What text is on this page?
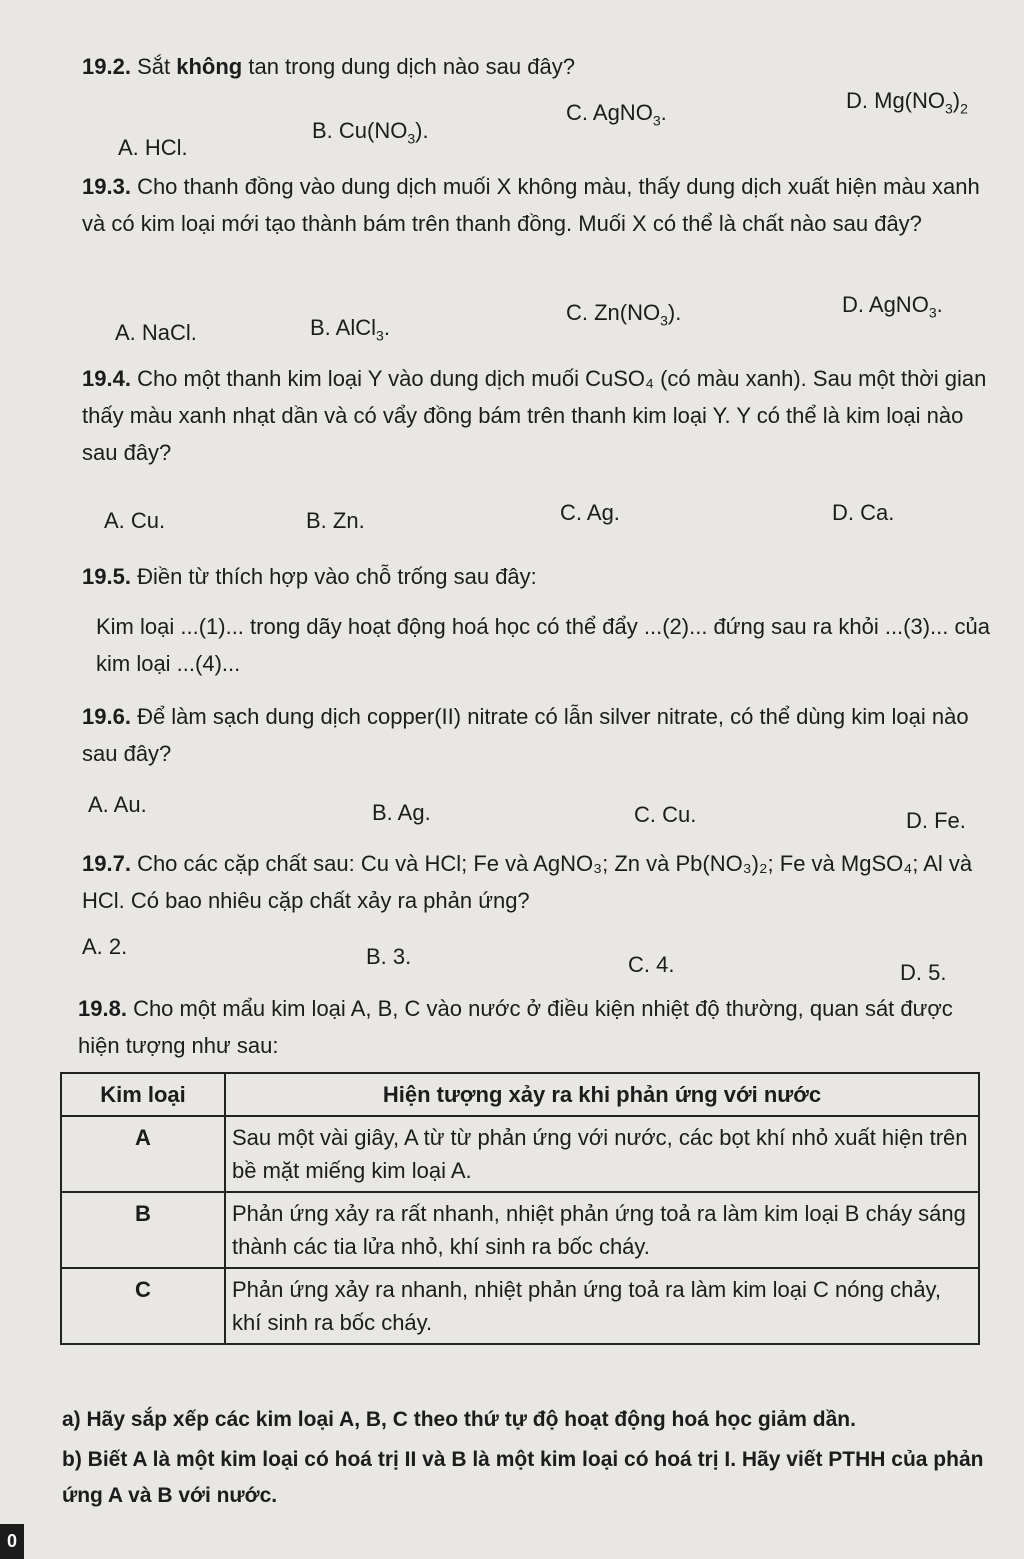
19.2. Sắt không tan trong dung dịch nào sau đây?
A. HCl.
B. $Cu(NO_3)$.
C. AgNO$_3$.	D. $Mg(NO_3)_2$
19.3. Cho thanh đồng vào dung dịch muối X không màu, thấy dung dịch xuất hiện màu xanh và có kim loại mới tạo thành bám trên thanh đồng. Muối X có thể là chất nào sau đây?
A. NaCl.	B. AlCl$_3$.
C. $Zn(NO_3)$.	D. AgNO$_3$.
19.4. Cho một thanh kim loại Y vào dung dịch muối CuSO₄ (có màu xanh). Sau một thời gian thấy màu xanh nhạt dần và có vẩy đồng bám trên thanh kim loại Y. Y có thể là kim loại nào sau đây?
A. Cu.	B. Zn.	C. Ag.	D. Ca.
19.5. Điền từ thích hợp vào chỗ trống sau đây:
Kim loại ...(1)... trong dãy hoạt động hoá học có thể đẩy ...(2)... đứng sau ra khỏi ...(3)... của kim loại ...(4)...
19.6. Để làm sạch dung dịch copper(II) nitrate có lẫn silver nitrate, có thể dùng kim loại nào sau đây?
A. Au.	B. Ag.	C. Cu.	D. Fe.
19.7. Cho các cặp chất sau: Cu và HCl; Fe và AgNO₃; Zn và Pb(NO₃)₂; Fe và MgSO₄; Al và HCl. Có bao nhiêu cặp chất xảy ra phản ứng?
A. 2.	B. 3.	C. 4.	D. 5.
19.8. Cho một mẩu kim loại A, B, C vào nước ở điều kiện nhiệt độ thường, quan sát được hiện tượng như sau:
Kim loại	Hiện tượng xảy ra khi phản ứng với nước
A	Sau một vài giây, A từ từ phản ứng với nước, các bọt khí nhỏ xuất hiện trên bề mặt miếng kim loại A.
B	Phản ứng xảy ra rất nhanh, nhiệt phản ứng toả ra làm kim loại B cháy sáng thành các tia lửa nhỏ, khí sinh ra bốc cháy.
C	Phản ứng xảy ra nhanh, nhiệt phản ứng toả ra làm kim loại C nóng chảy, khí sinh ra bốc cháy.
a) Hãy sắp xếp các kim loại A, B, C theo thứ tự độ hoạt động hoá học giảm dần.
b) Biết A là một kim loại có hoá trị II và B là một kim loại có hoá trị I. Hãy viết PTHH của phản ứng A và B với nước.
0
